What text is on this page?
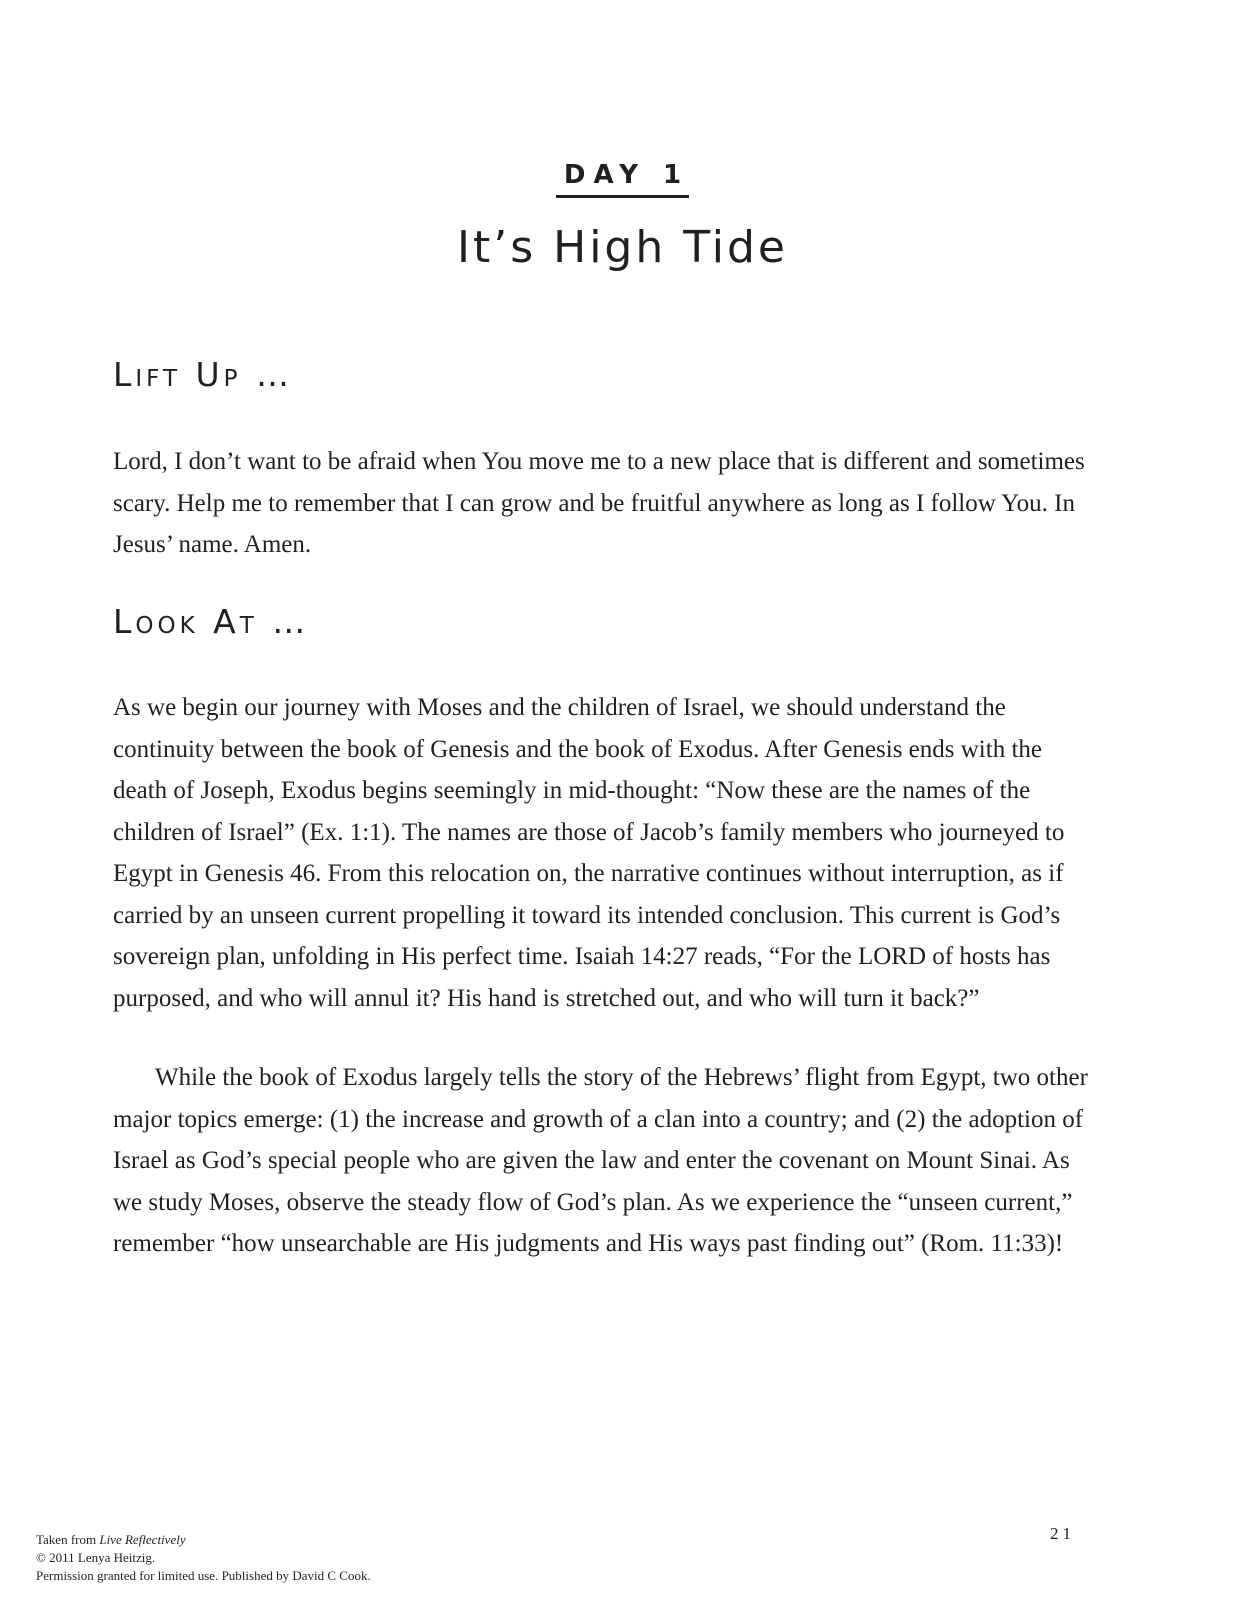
DAY 1
It’s High Tide
Lift Up …

Lord, I don’t want to be afraid when You move me to a new place that is different and sometimes scary. Help me to remember that I can grow and be fruitful anywhere as long as I follow You. In Jesus’ name. Amen.

Look At …

As we begin our journey with Moses and the children of Israel, we should understand the continuity between the book of Genesis and the book of Exodus. After Genesis ends with the death of Joseph, Exodus begins seemingly in mid-thought: “Now these are the names of the children of Israel” (Ex. 1:1). The names are those of Jacob’s family members who journeyed to Egypt in Genesis 46. From this relocation on, the narrative continues without interruption, as if carried by an unseen current propelling it toward its intended conclusion. This current is God’s sovereign plan, unfolding in His perfect time. Isaiah 14:27 reads, “For the LORD of hosts has purposed, and who will annul it? His hand is stretched out, and who will turn it back?”

While the book of Exodus largely tells the story of the Hebrews’ flight from Egypt, two other major topics emerge: (1) the increase and growth of a clan into a country; and (2) the adoption of Israel as God’s special people who are given the law and enter the covenant on Mount Sinai. As we study Moses, observe the steady flow of God’s plan. As we experience the “unseen current,” remember “how unsearchable are His judgments and His ways past finding out” (Rom. 11:33)!

Taken from Live Reflectively
© 2011 Lenya Heitzig.
Permission granted for limited use. Published by David C Cook.
21
